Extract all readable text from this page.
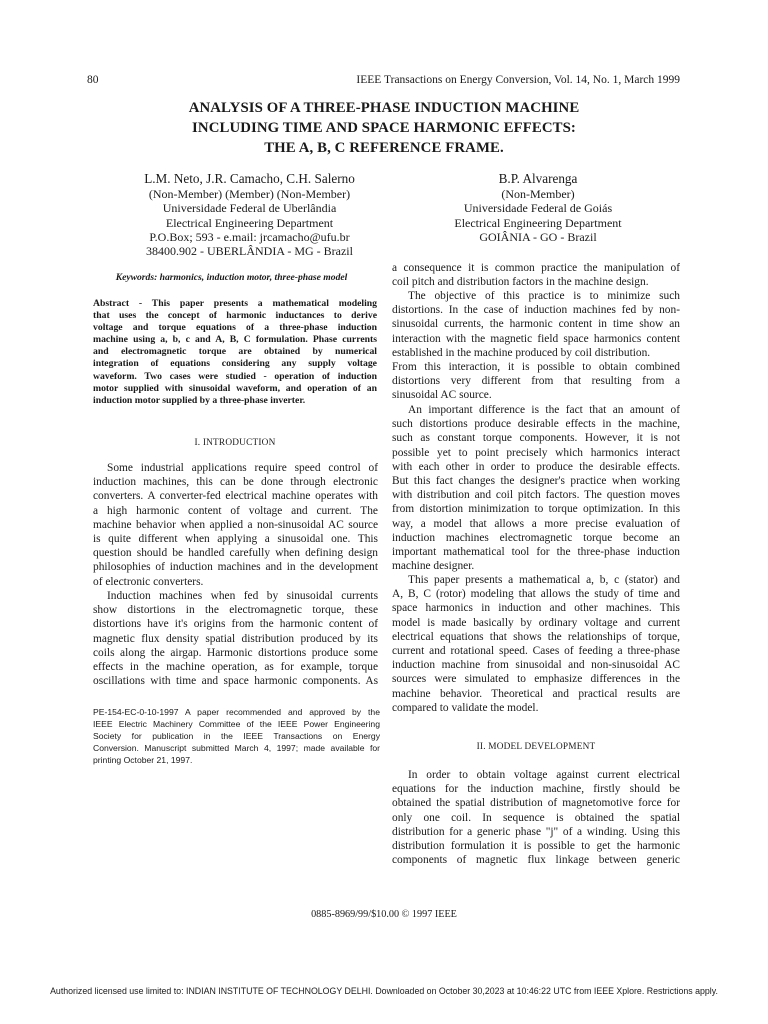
80	IEEE Transactions on Energy Conversion, Vol. 14, No. 1, March 1999
ANALYSIS OF A THREE-PHASE INDUCTION MACHINE
INCLUDING TIME AND SPACE HARMONIC EFFECTS:
THE A, B, C REFERENCE FRAME.
L.M. Neto, J.R. Camacho, C.H. Salerno
(Non-Member) (Member) (Non-Member)
Universidade Federal de Uberlândia
Electrical Engineering Department
P.O.Box; 593 - e.mail: jrcamacho@ufu.br
38400.902 - UBERLÂNDIA - MG - Brazil
B.P. Alvarenga
(Non-Member)
Universidade Federal de Goiás
Electrical Engineering Department
GOIÂNIA - GO - Brazil
Keywords: harmonics, induction motor, three-phase model
Abstract - This paper presents a mathematical modeling
that uses the concept of harmonic inductances to derive
voltage and torque equations of a three-phase induction
machine using a, b, c and A, B, C formulation. Phase currents
and electromagnetic torque are obtained by numerical
integration of equations considering any supply voltage
waveform. Two cases were studied - operation of induction
motor supplied with sinusoidal waveform, and operation of an
induction motor supplied by a three-phase inverter.
I. INTRODUCTION
Some industrial applications require speed control of
induction machines, this can be done through electronic
converters. A converter-fed electrical machine operates with
a high harmonic content of voltage and current. The
machine behavior when applied a non-sinusoidal AC source
is quite different when applying a sinusoidal one. This
question should be handled carefully when defining design
philosophies of induction machines and in the development
of electronic converters.
Induction machines when fed by sinusoidal currents
show distortions in the electromagnetic torque, these
distortions have it's origins from the harmonic content of
magnetic flux density spatial distribution produced by its
coils along the airgap. Harmonic distortions produce some
effects in the machine operation, as for example, torque
oscillations with time and space harmonic components. As
PE-154-EC-0-10-1997 A paper recommended and approved by the
IEEE Electric Machinery Committee of the IEEE Power Engineering
Society for publication in the IEEE Transactions on Energy
Conversion. Manuscript submitted March 4, 1997; made available for
printing October 21, 1997.
a consequence it is common practice the manipulation of
coil pitch and distribution factors in the machine design.
The objective of this practice is to minimize such
distortions. In the case of induction machines fed by non-
sinusoidal currents, the harmonic content in time show an
interaction with the magnetic field space harmonics content
established in the machine produced by coil distribution.
From this interaction, it is possible to obtain combined
distortions very different from that resulting from a
sinusoidal AC source.
An important difference is the fact that an amount of
such distortions produce desirable effects in the machine,
such as constant torque components. However, it is not
possible yet to point precisely which harmonics interact
with each other in order to produce the desirable effects.
But this fact changes the designer's practice when working
with distribution and coil pitch factors. The question moves
from distortion minimization to torque optimization. In this
way, a model that allows a more precise evaluation of
induction machines electromagnetic torque become an
important mathematical tool for the three-phase induction
machine designer.
This paper presents a mathematical a, b, c (stator) and
A, B, C (rotor) modeling that allows the study of time and
space harmonics in induction and other machines. This
model is made basically by ordinary voltage and current
electrical equations that shows the relationships of torque,
current and rotational speed. Cases of feeding a three-phase
induction machine from sinusoidal and non-sinusoidal AC
sources were simulated to emphasize differences in the
machine behavior. Theoretical and practical results are
compared to validate the model.
II. MODEL DEVELOPMENT
In order to obtain voltage against current electrical
equations for the induction machine, firstly should be
obtained the spatial distribution of magnetomotive force for
only one coil. In sequence is obtained the spatial
distribution for a generic phase "j" of a winding. Using this
distribution formulation it is possible to get the harmonic
components of magnetic flux linkage between generic
0885-8969/99/$10.00 © 1997 IEEE
Authorized licensed use limited to: INDIAN INSTITUTE OF TECHNOLOGY DELHI. Downloaded on October 30,2023 at 10:46:22 UTC from IEEE Xplore. Restrictions apply.
